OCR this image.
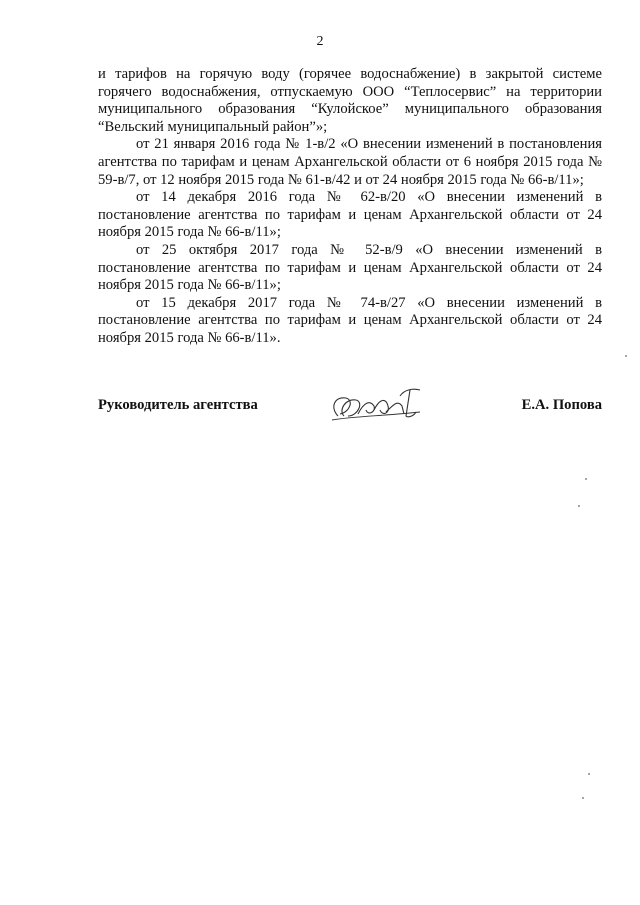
2

и тарифов на горячую воду (горячее водоснабжение) в закрытой системе горячего водоснабжения, отпускаемую ООО “Теплосервис” на территории муниципального образования “Кулойское” муниципального образования “Вельский муниципальный район”»;

от 21 января 2016 года № 1-в/2 «О внесении изменений в постановления агентства по тарифам и ценам Архангельской области от 6 ноября 2015 года № 59-в/7, от 12 ноября 2015 года № 61-в/42 и от 24 ноября 2015 года № 66-в/11»;

от 14 декабря 2016 года № 62-в/20 «О внесении изменений в постановление агентства по тарифам и ценам Архангельской области от 24 ноября 2015 года № 66-в/11»;

от 25 октября 2017 года № 52-в/9 «О внесении изменений в постановление агентства по тарифам и ценам Архангельской области от 24 ноября 2015 года № 66-в/11»;

от 15 декабря 2017 года № 74-в/27 «О внесении изменений в постановление агентства по тарифам и ценам Архангельской области от 24 ноября 2015 года № 66-в/11».

Руководитель агентства	Е.А. Попова
